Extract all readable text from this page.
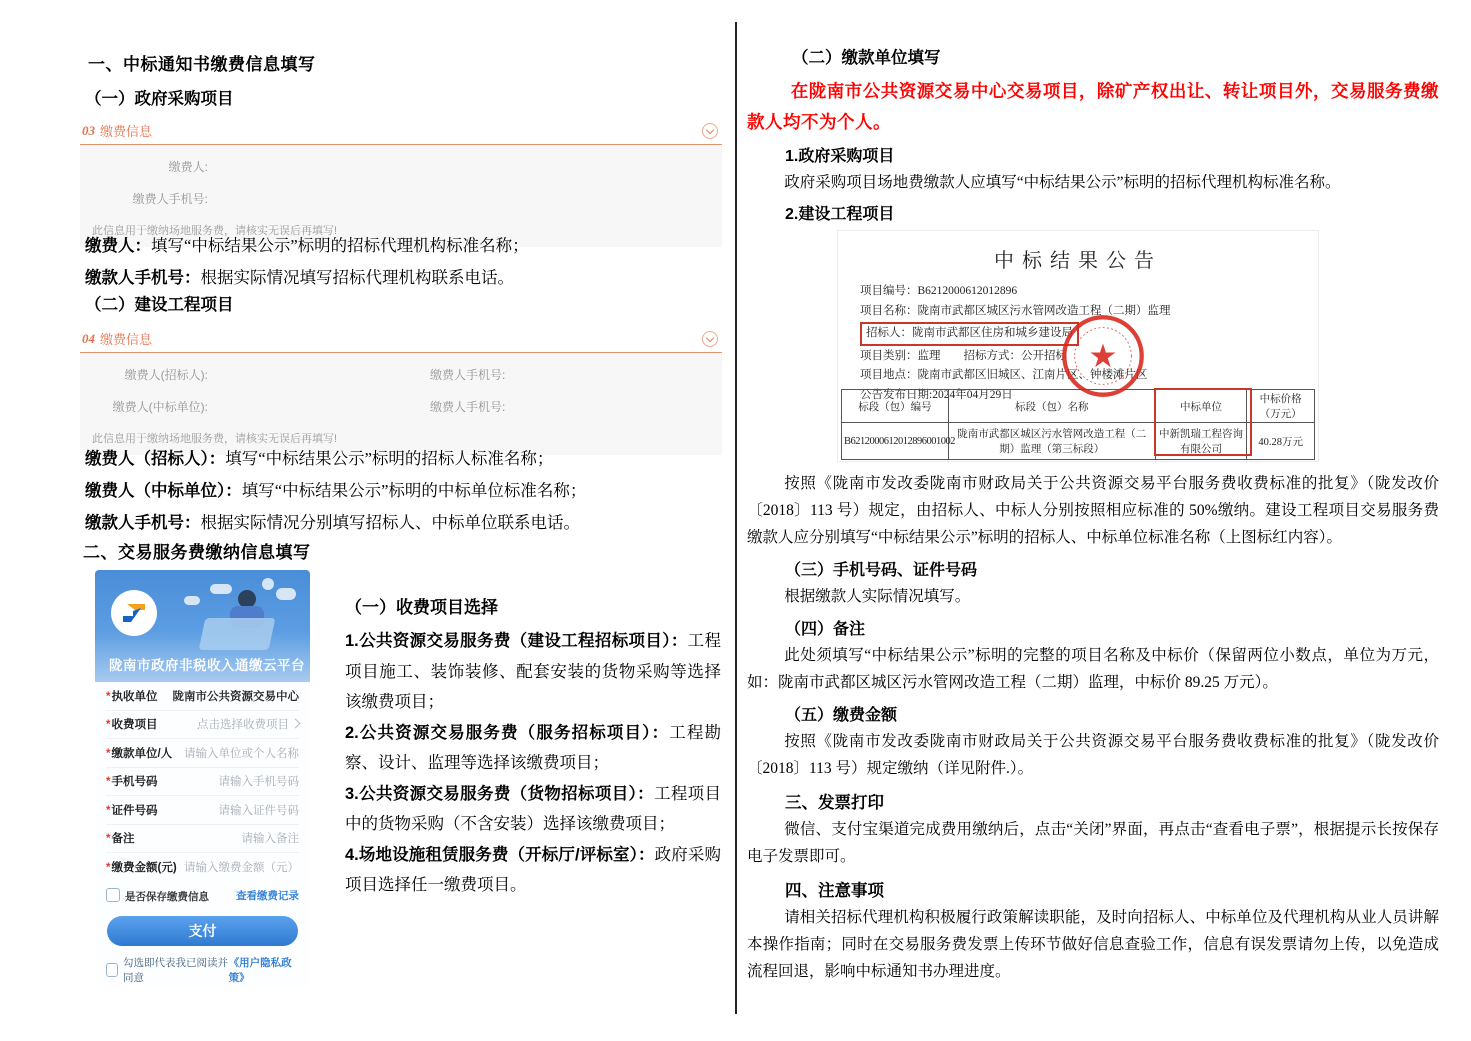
一、中标通知书缴费信息填写
（一）政府采购项目
03 缴费信息
缴费人:
缴费人手机号:
此信息用于缴纳场地服务费，请核实无误后再填写!
缴费人：填写“中标结果公示”标明的招标代理机构标准名称；
缴款人手机号：根据实际情况填写招标代理机构联系电话。
（二）建设工程项目
04 缴费信息
缴费人(招标人):	缴费人手机号:
缴费人(中标单位):	缴费人手机号:
此信息用于缴纳场地服务费，请核实无误后再填写!
缴费人（招标人）：填写“中标结果公示”标明的招标人标准名称；
缴费人（中标单位）：填写“中标结果公示”标明的中标单位标准名称；
缴款人手机号：根据实际情况分别填写招标人、中标单位联系电话。
二、交易服务费缴纳信息填写
陇南市政府非税收入通缴云平台
*执收单位 陇南市公共资源交易中心
*收费项目	点击选择收费项目
*缴款单位/人 请输入单位或个人名称
*手机号码	请输入手机号码
*证件号码	请输入证件号码
*备注	请输入备注
*缴费金额(元) 请输入缴费金额（元）
是否保存缴费信息	查看缴费记录
支付
勾选即代表我已阅读并同意
《用户隐私政策》
（一）收费项目选择

1.公共资源交易服务费（建设工程招标项目）：工程项目施工、装饰装修、配套安装的货物采购等选择该缴费项目；

2.公共资源交易服务费（服务招标项目）：工程勘察、设计、监理等选择该缴费项目；

3.公共资源交易服务费（货物招标项目）：工程项目中的货物采购（不含安装）选择该缴费项目；

4.场地设施租赁服务费（开标厅/评标室）：政府采购项目选择任一缴费项目。

（二）缴款单位填写

在陇南市公共资源交易中心交易项目，除矿产权出让、转让项目外，交易服务费缴款人均不为个人。

1.政府采购项目

政府采购项目场地费缴款人应填写“中标结果公示”标明的招标代理机构标准名称。

2.建设工程项目
中标结果公告
项目编号：B6212000612012896
项目名称：陇南市武都区城区污水管网改造工程（二期）监理
招标人：陇南市武都区住房和城乡建设局
项目类别：监理　　招标方式：公开招标
项目地点：陇南市武都区旧城区、江南片区、钟楼滩片区
公告发布日期:2024年04月29日
★
标段（包）编号	标段（包）名称	中标单位	中标价格（万元）
B6212000612012896001002	陇南市武都区城区污水管网改造工程（二期）监理（第三标段）	中新凯瑞工程咨询有限公司	40.28万元

按照《陇南市发改委陇南市财政局关于公共资源交易平台服务费收费标准的批复》（陇发改价〔2018〕113 号）规定，由招标人、中标人分别按照相应标准的 50%缴纳。建设工程项目交易服务费缴款人应分别填写“中标结果公示”标明的招标人、中标单位标准名称（上图标红内容）。

（三）手机号码、证件号码

根据缴款人实际情况填写。

（四）备注

此处须填写“中标结果公示”标明的完整的项目名称及中标价（保留两位小数点，单位为万元，如：陇南市武都区城区污水管网改造工程（二期）监理，中标价 89.25 万元）。

（五）缴费金额

按照《陇南市发改委陇南市财政局关于公共资源交易平台服务费收费标准的批复》（陇发改价〔2018〕113 号）规定缴纳（详见附件.）。

三、发票打印

微信、支付宝渠道完成费用缴纳后，点击“关闭”界面，再点击“查看电子票”，根据提示长按保存电子发票即可。

四、注意事项

请相关招标代理机构积极履行政策解读职能，及时向招标人、中标单位及代理机构从业人员讲解本操作指南；同时在交易服务费发票上传环节做好信息查验工作，信息有误发票请勿上传，以免造成流程回退，影响中标通知书办理进度。
